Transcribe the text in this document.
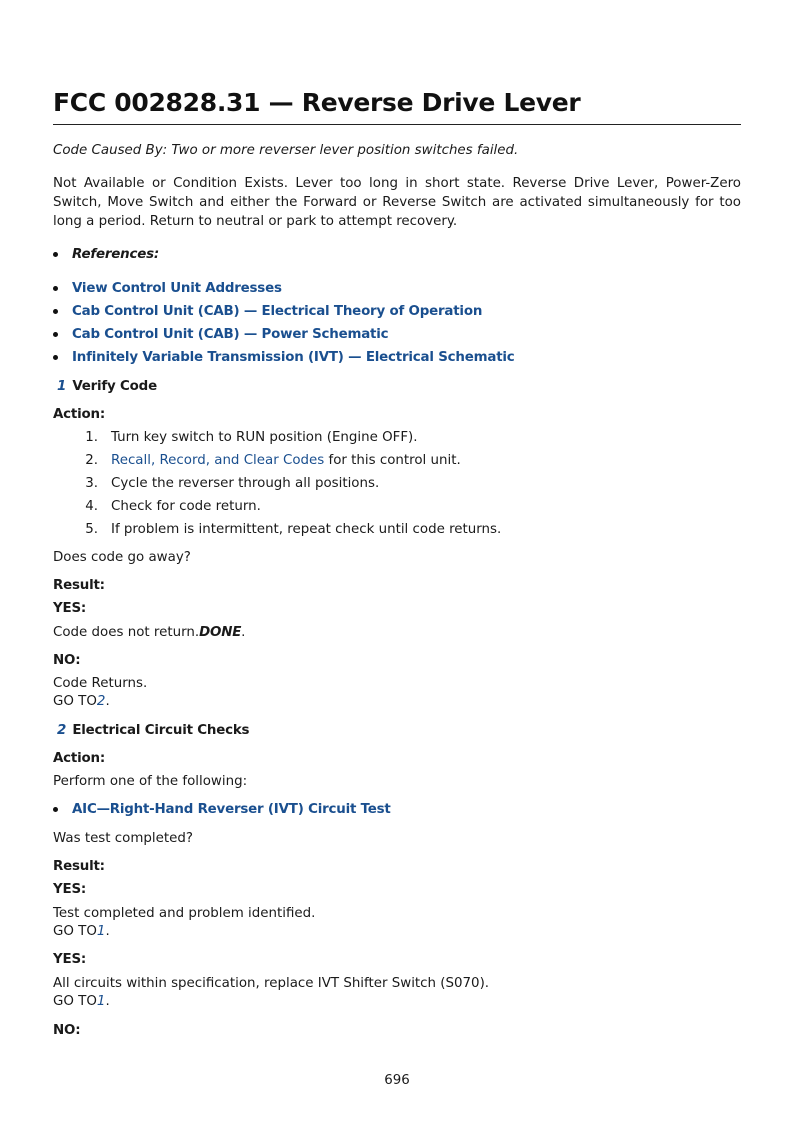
FCC 002828.31 — Reverse Drive Lever

Code Caused By: Two or more reverser lever position switches failed.

Not Available or Condition Exists. Lever too long in short state. Reverse Drive Lever, Power-Zero Switch, Move Switch and either the Forward or Reverse Switch are activated simultaneously for too long a period. Return to neutral or park to attempt recovery.

References:
View Control Unit Addresses
Cab Control Unit (CAB) — Electrical Theory of Operation
Cab Control Unit (CAB) — Power Schematic
Infinitely Variable Transmission (IVT) — Electrical Schematic
1 Verify Code

Action:

1. Turn key switch to RUN position (Engine OFF).
2. Recall, Record, and Clear Codes for this control unit.
3. Cycle the reverser through all positions.
4. Check for code return.
5. If problem is intermittent, repeat check until code returns.

Does code go away?

Result:

YES:

Code does not return.DONE.

NO:

Code Returns.

GO TO2.

2 Electrical Circuit Checks

Action:

Perform one of the following:

AIC—Right-Hand Reverser (IVT) Circuit Test

Was test completed?

Result:

YES:

Test completed and problem identified.

GO TO1.

YES:

All circuits within specification, replace IVT Shifter Switch (S070).

GO TO1.

NO:

696
